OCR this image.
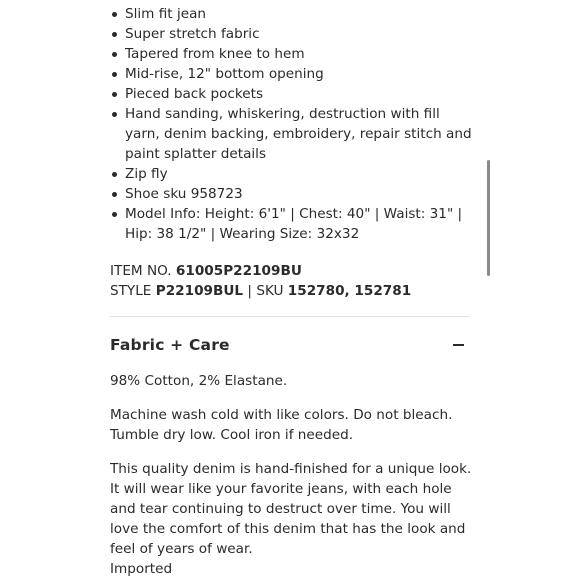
Slim fit jean
Super stretch fabric
Tapered from knee to hem
Mid-rise, 12" bottom opening
Pieced back pockets
Hand sanding, whiskering, destruction with fill yarn, denim backing, embroidery, repair stitch and paint splatter details
Zip fly
Shoe sku 958723
Model Info: Height: 6'1" | Chest: 40" | Waist: 31" | Hip: 38 1/2" | Wearing Size: 32x32
ITEM NO. 61005P22109BU
STYLE P22109BUL | SKU 152780, 152781
Fabric + Care

98% Cotton, 2% Elastane.

Machine wash cold with like colors. Do not bleach. Tumble dry low. Cool iron if needed.

This quality denim is hand-finished for a unique look. It will wear like your favorite jeans, with each hole and tear continuing to destruct over time. You will love the comfort of this denim that has the look and feel of years of wear.

Imported
